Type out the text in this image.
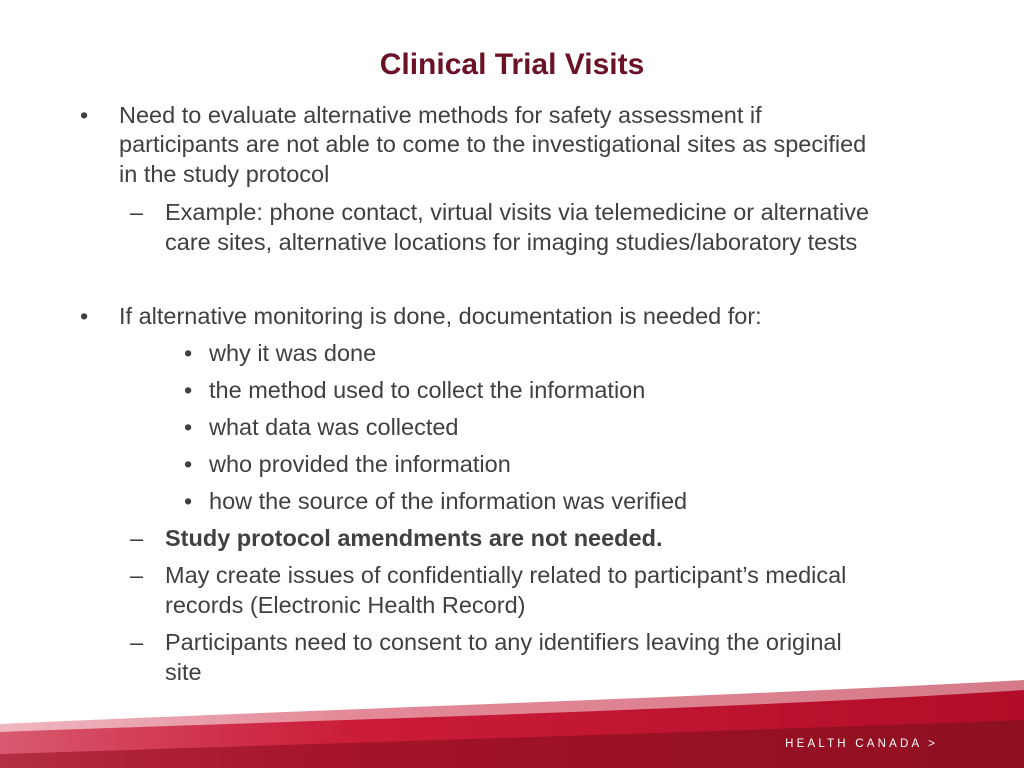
Clinical Trial Visits
• Need to evaluate alternative methods for safety assessment if
participants are not able to come to the investigational sites as specified
in the study protocol
– Example: phone contact, virtual visits via telemedicine or alternative
care sites, alternative locations for imaging studies/laboratory tests
• If alternative monitoring is done, documentation is needed for:
• why it was done
• the method used to collect the information
• what data was collected
• who provided the information
• how the source of the information was verified
– Study protocol amendments are not needed.
– May create issues of confidentially related to participant’s medical
records (Electronic Health Record)
– Participants need to consent to any identifiers leaving the original
site
HEALTH CANADA >
